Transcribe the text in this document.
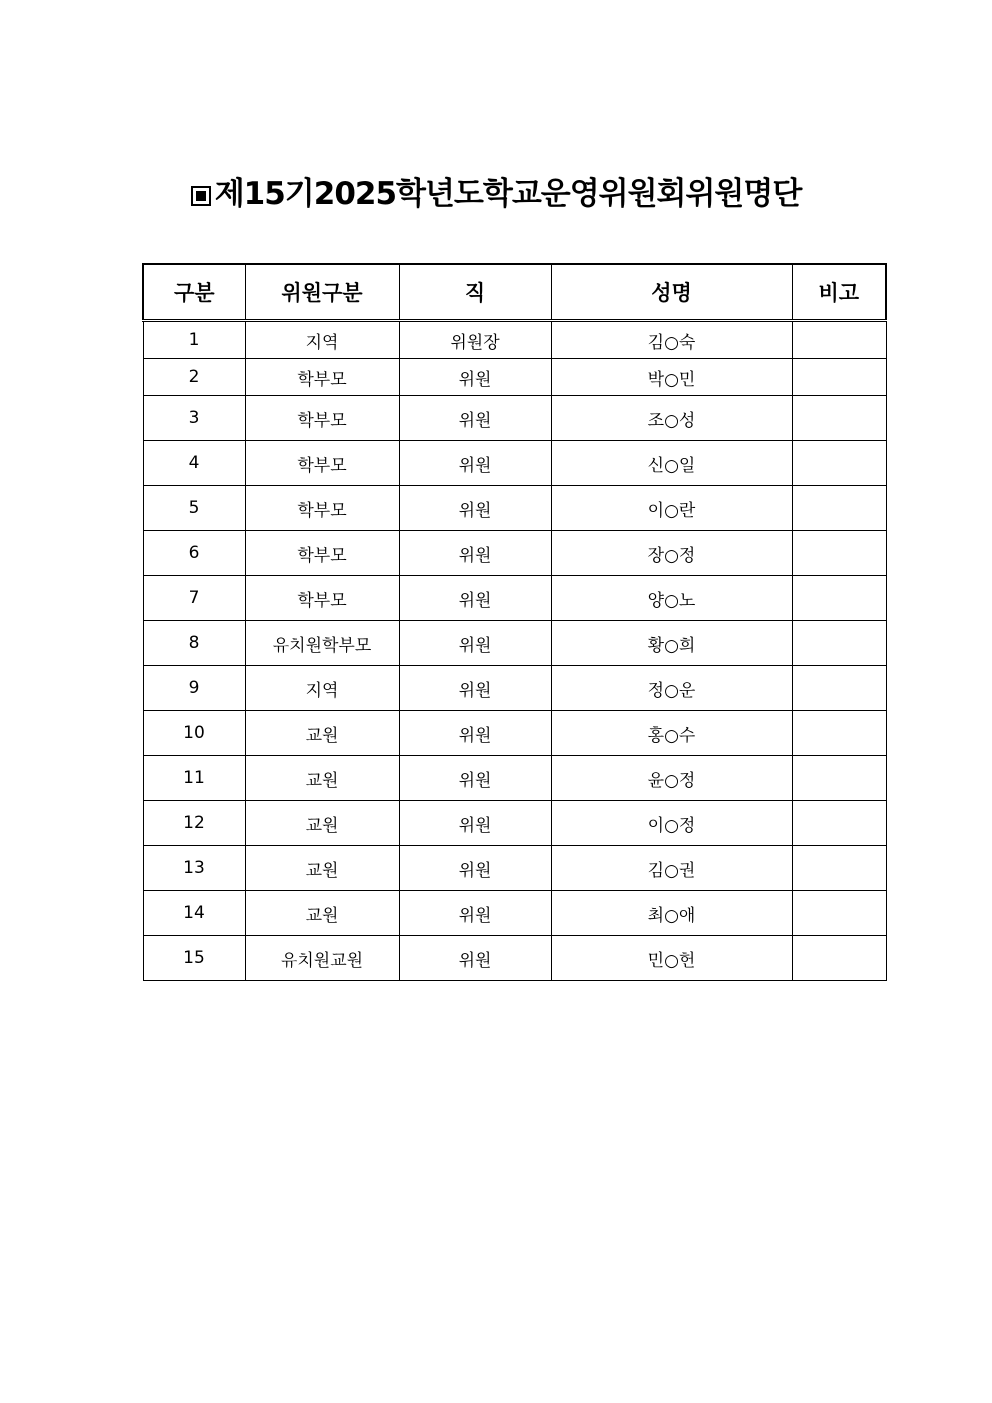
제15기2025학년도학교운영위원회위원명단
구분	위원구분	직	성명	비고
1	지역	위원장	김○숙	
2	학부모	위원	박○민	
3	학부모	위원	조○성	
4	학부모	위원	신○일	
5	학부모	위원	이○란	
6	학부모	위원	장○정	
7	학부모	위원	양○노	
8	유치원학부모	위원	황○희	
9	지역	위원	정○운	
10	교원	위원	홍○수	
11	교원	위원	윤○정	
12	교원	위원	이○정	
13	교원	위원	김○권	
14	교원	위원	최○애	
15	유치원교원	위원	민○헌	
